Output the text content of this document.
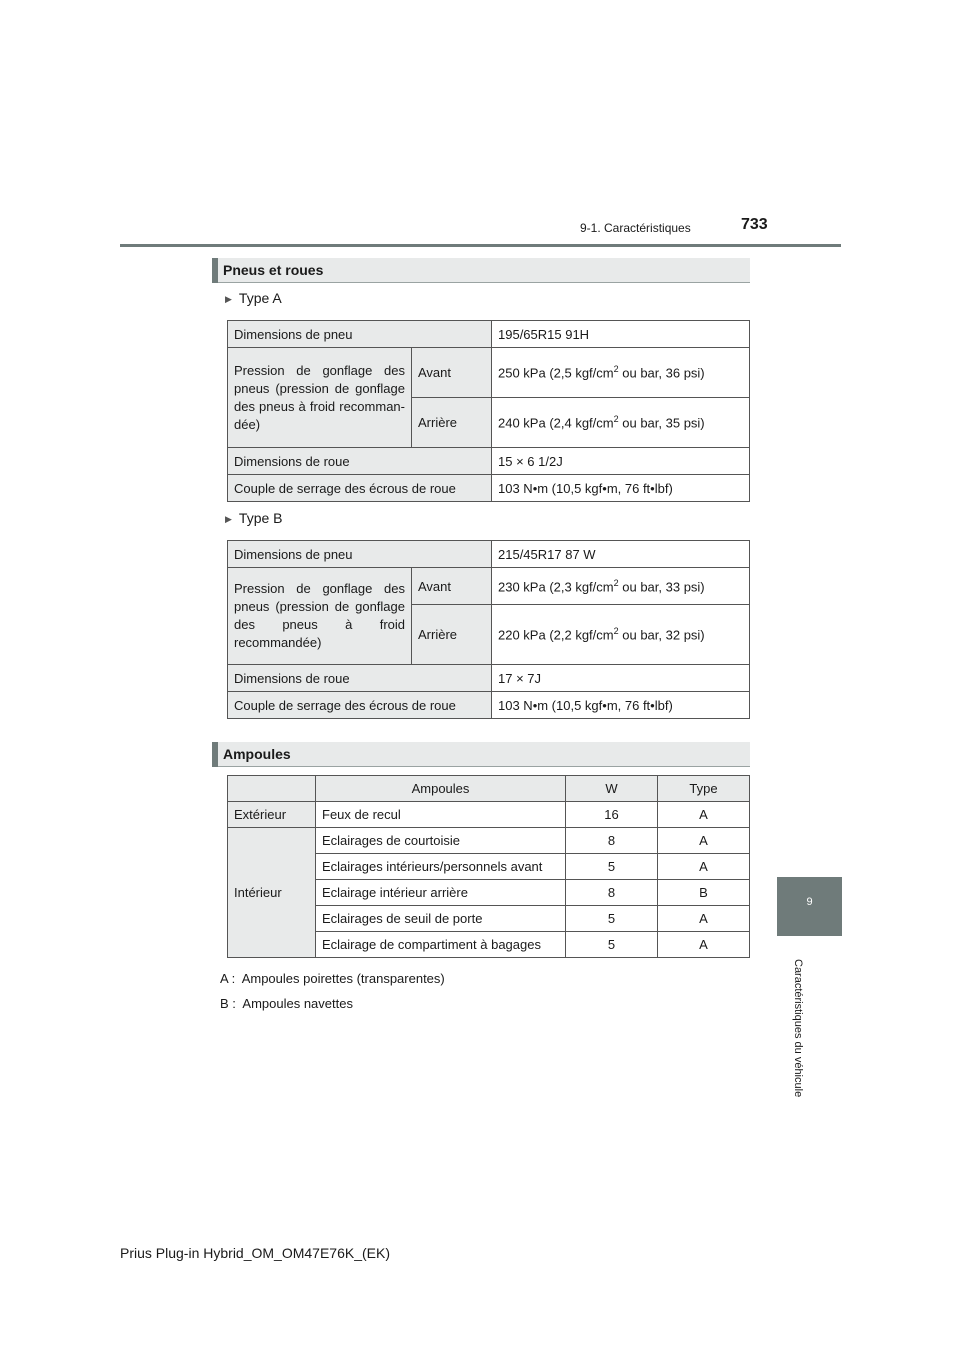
9-1. Caractéristiques	733
9
Caractéristiques du véhicule
Pneus et roues
▶ Type A
Dimensions de pneu		195/65R15 91H
Pression de gonflage des pneus (pression de gonflage des pneus à froid recomman-dée)	Avant	250 kPa (2,5 kgf/$cm^2$ ou bar, 36 psi)
	Arrière	240 kPa (2,4 kgf/$cm^2$ ou bar, 35 psi)
Dimensions de roue		15 × 6 1/2J
Couple de serrage des écrous de roue		103 N•m (10,5 kgf•m, 76 ft•lbf)
▶ Type B
Dimensions de pneu		215/45R17 87 W
Pression de gonflage des pneus (pression de gonflage des pneus à froid recommandée)	Avant	230 kPa (2,3 kgf/$cm^2$ ou bar, 33 psi)
	Arrière	220 kPa (2,2 kgf/$cm^2$ ou bar, 32 psi)
Dimensions de roue		17 × 7J
Couple de serrage des écrous de roue		103 N•m (10,5 kgf•m, 76 ft•lbf)
Ampoules
	Ampoules	W	Type
Extérieur	Feux de recul	16	A
Intérieur	Eclairages de courtoisie	8	A
	Eclairages intérieurs/personnels avant	5	A
	Eclairage intérieur arrière	8	B
	Eclairages de seuil de porte	5	A
	Eclairage de compartiment à bagages	5	A
A :  Ampoules poirettes (transparentes)
B :  Ampoules navettes
Prius Plug-in Hybrid_OM_OM47E76K_(EK)
